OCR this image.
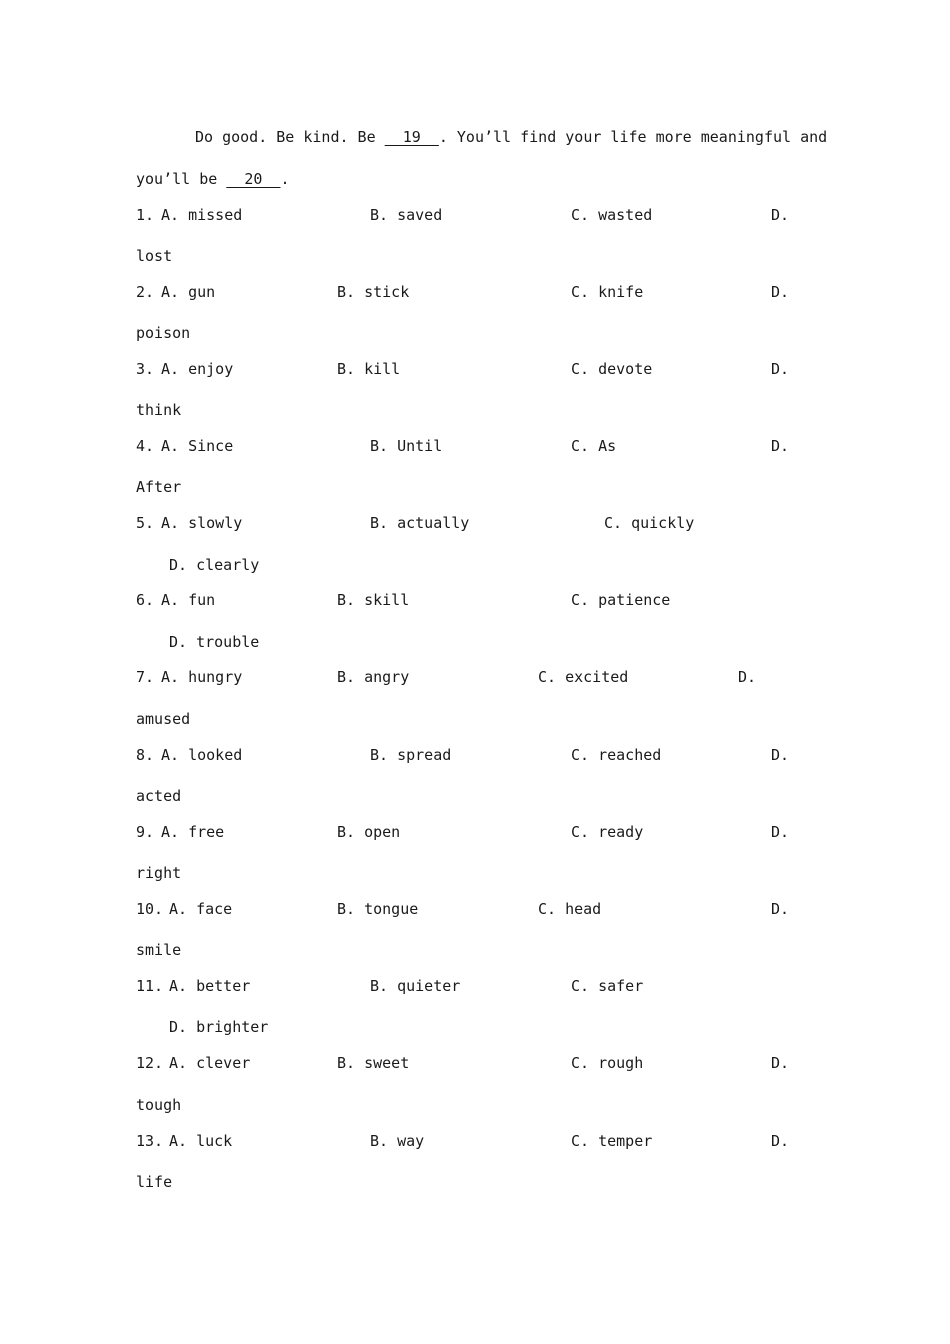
Do good. Be kind. Be   19  . You’ll find your life more meaningful and
you’ll be   20  .
1. A. missed	B. saved	C. wasted	D.
lost
2. A. gun	B. stick	C. knife	D.
poison
3. A. enjoy	B. kill	C. devote	D.
think
4. A. Since	B. Until	C. As	D.
After
5. A. slowly	B. actually	C. quickly
D. clearly
6. A. fun	B. skill	C. patience
D. trouble
7. A. hungry	B. angry	C. excited	D.
amused
8. A. looked	B. spread	C. reached	D.
acted
9. A. free	B. open	C. ready	D.
right
10. A. face	B. tongue	C. head	D.
smile
11. A. better	B. quieter	C. safer
D. brighter
12. A. clever	B. sweet	C. rough	D.
tough
13. A. luck	B. way	C. temper	D.
life
